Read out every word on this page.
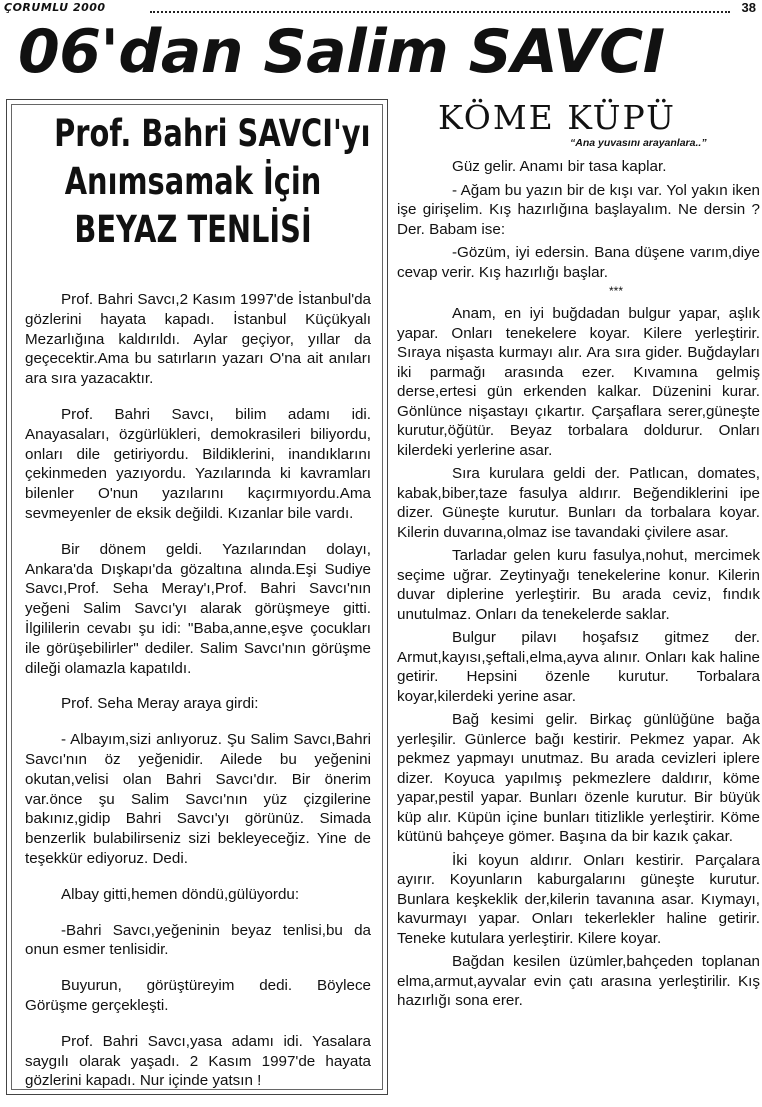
ÇORUMLU 2000	38
06'dan Salim SAVCI
Prof. Bahri SAVCI'yı
Anımsamak İçin
BEYAZ TENLİSİ

Prof. Bahri Savcı,2 Kasım 1997'de İstanbul'da gözlerini hayata kapadı. İstanbul Küçükyalı Mezarlığına kaldırıldı. Aylar geçiyor, yıllar da geçecektir.Ama bu satırların yazarı O'na ait anıları ara sıra yazacaktır.

Prof. Bahri Savcı, bilim adamı idi. Anayasaları, özgürlükleri, demokrasileri biliyordu, onları dile getiriyordu. Bildiklerini, inandıklarını çekinmeden yazıyordu. Yazılarında ki kavramları bilenler O'nun yazılarını kaçırmıyordu.Ama sevmeyenler de eksik değildi. Kızanlar bile vardı.

Bir dönem geldi. Yazılarından dolayı, Ankara'da Dışkapı'da gözaltına alında.Eşi Sudiye Savcı,Prof. Seha Meray'ı,Prof. Bahri Savcı'nın yeğeni Salim Savcı'yı alarak görüşmeye gitti. İlgililerin cevabı şu idi: "Baba,anne,eşve çocukları ile görüşebilirler" dediler. Salim Savcı'nın görüşme dileği olamazla kapatıldı.

Prof. Seha Meray araya girdi:

- Albayım,sizi anlıyoruz. Şu Salim Savcı,Bahri Savcı'nın öz yeğenidir. Ailede bu yeğenini okutan,velisi olan Bahri Savcı'dır. Bir önerim var.önce şu Salim Savcı'nın yüz çizgilerine bakınız,gidip Bahri Savcı'yı görünüz. Simada benzerlik bulabilirseniz sizi bekleyeceğiz. Yine de teşekkür ediyoruz. Dedi.

Albay gitti,hemen döndü,gülüyordu:

-Bahri Savcı,yeğeninin beyaz tenlisi,bu da onun esmer tenlisidir.

Buyurun, görüştüreyim dedi. Böylece Görüşme gerçekleşti.

Prof. Bahri Savcı,yasa adamı idi. Yasalara saygılı olarak yaşadı. 2 Kasım 1997'de hayata gözlerini kapadı. Nur içinde yatsın !

KÖME KÜPÜ
“Ana yuvasını arayanlara..”

Güz gelir. Anamı bir tasa kaplar.

- Ağam bu yazın bir de kışı var. Yol yakın iken işe girişelim. Kış hazırlığına başlayalım. Ne dersin ? Der. Babam ise:

-Gözüm, iyi edersin. Bana düşene varım,diye cevap verir. Kış hazırlığı başlar.

***

Anam, en iyi buğdadan bulgur yapar, aşlık yapar. Onları tenekelere koyar. Kilere yerleştirir. Sıraya nişasta kurmayı alır. Ara sıra gider. Buğdayları iki parmağı arasında ezer. Kıvamına gelmiş derse,ertesi gün erkenden kalkar. Düzenini kurar. Gönlünce nişastayı çıkartır. Çarşaflara serer,güneşte kurutur,öğütür. Beyaz torbalara doldurur. Onları kilerdeki yerlerine asar.

Sıra kurulara geldi der. Patlıcan, domates, kabak,biber,taze fasulya aldırır. Beğendiklerini ipe dizer. Güneşte kurutur. Bunları da torbalara koyar. Kilerin duvarına,olmaz ise tavandaki çivilere asar.

Tarladar gelen kuru fasulya,nohut, mercimek seçime uğrar. Zeytinyağı tenekelerine konur. Kilerin duvar diplerine yerleştirir. Bu arada ceviz, fındık unutulmaz. Onları da tenekelerde saklar.

Bulgur pilavı hoşafsız gitmez der. Armut,kayısı,şeftali,elma,ayva alınır. Onları kak haline getirir. Hepsini özenle kurutur. Torbalara koyar,kilerdeki yerine asar.

Bağ kesimi gelir. Birkaç günlüğüne bağa yerleşilir. Günlerce bağı kestirir. Pekmez yapar. Ak pekmez yapmayı unutmaz. Bu arada cevizleri iplere dizer. Koyuca yapılmış pekmezlere daldırır, köme yapar,pestil yapar. Bunları özenle kurutur. Bir büyük küp alır. Küpün içine bunları titizlikle yerleştirir. Köme kütünü bahçeye gömer. Başına da bir kazık çakar.

İki koyun aldırır. Onları kestirir. Parçalara ayırır. Koyunların kaburgalarını güneşte kurutur. Bunlara keşkeklik der,kilerin tavanına asar. Kıymayı, kavurmayı yapar. Onları tekerlekler haline getirir. Teneke kutulara yerleştirir. Kilere koyar.

Bağdan kesilen üzümler,bahçeden toplanan elma,armut,ayvalar evin çatı arasına yerleştirilir. Kış hazırlığı sona erer.
